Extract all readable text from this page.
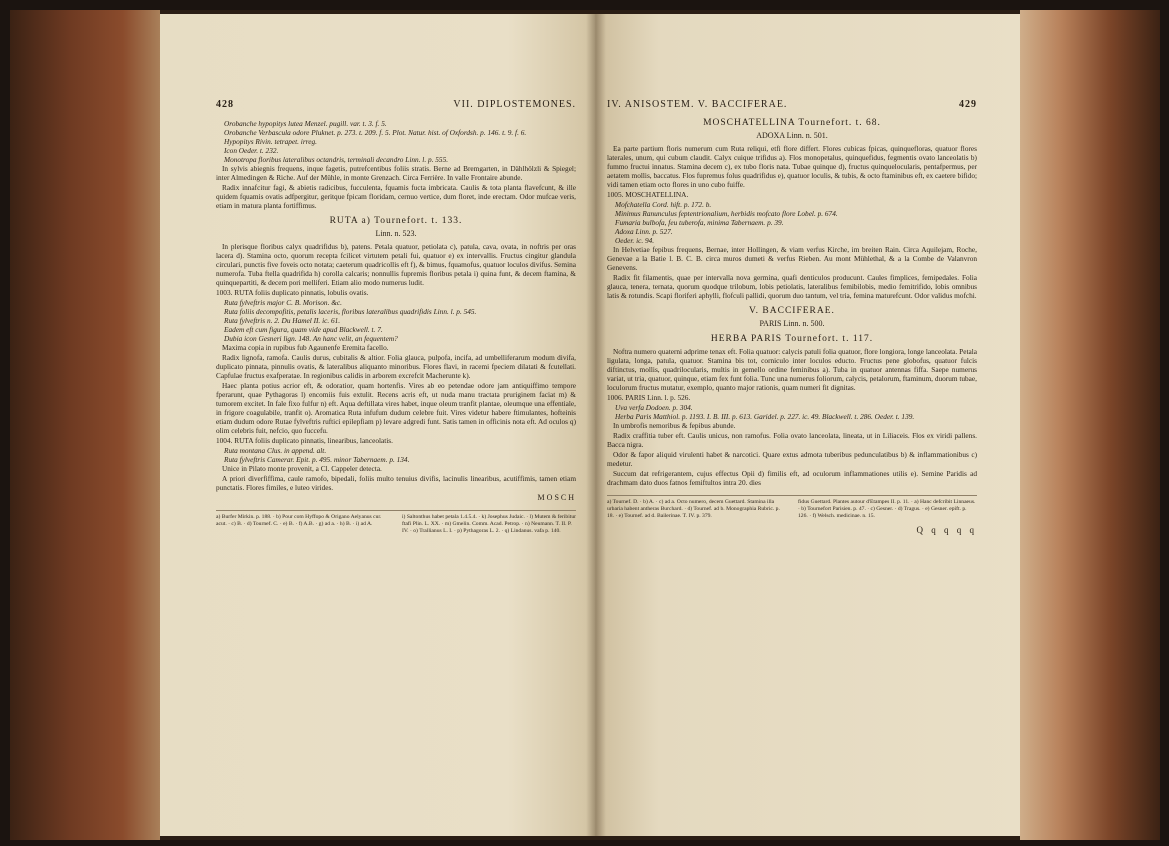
428	VII. DIPLOSTEMONES.
Orobanche hypopitys lutea Menzel. pugill. var. t. 3. f. 5.
Orobanche Verbascula odore Pluknet. p. 273. t. 209. f. 5. Plot. Natur. hist. of Oxfordsh. p. 146. t. 9. f. 6.
Hypopitys Rivin. tetrapet. irreg.
Icon Oeder. t. 232.
Monotropa floribus lateralibus octandris, terminali decandro Linn. l. p. 555.

In sylvis abiegnis frequens, inque fagetis, putrefcentibus foliis stratis. Berne ad Bremgarten, in Dählhölzli & Spiegel; inter Almedingen & Riche. Auf der Mühle, in monte Grenzach. Circa Ferrière. In valle Frontaire abunde.

Radix innafcitur fagi, & abietis radicibus, fucculenta, fquamis fucta imbricata. Caulis & tota planta flavefcunt, & ille quidem fquamis ovatis adfpergitur, geritque fpicam floridam, cernuo vertice, dum floret, inde erectam. Odor mufcae veris, etiam in matura planta fortiffimus.

RUTA a) Tournefort. t. 133.
Linn. n. 523.

In plerisque floribus calyx quadrifidus b), patens. Petala quatuor, petiolata c), patula, cava, ovata, in noftris per oras lacera d). Stamina octo, quorum recepta fcilicet virtutem petali fui, quatuor e) ex intervallis. Fructus cingitur glandula circulari, punctis five foveis octo notata; caeterum quadricollis eft f), & bimus, fquamofus, quatuor loculos divifus. Semina numerofa. Tuba ftella quadrifida h) corolla calcaris; nonnullis fupremis floribus petala i) quina funt, & decem ftamina, & quinquepartiti, & decem pori melliferi. Etiam alio modo numerus ludit.

1003. RUTA foliis duplicato pinnatis, lobulis ovatis.

Ruta fylveftris major C. B. Morison. &c.
Ruta foliis decompofitis, petalis laceris, floribus lateralibus quadrifidis Linn. l. p. 545.
Ruta fylveftris n. 2. Du Hamel II. ic. 61.
Eadem eft cum figura, quam vide apud Blackwell. t. 7.
Dubia icon Gesneri lign. 148. An hanc velit, an fequentem?

Maxima copia in rupibus fub Agaunenfe Eremita facello.

Radix lignofa, ramofa. Caulis durus, cubitalis & altior. Folia glauca, pulpofa, incifa, ad umbelliferarum modum divifa, duplicato pinnata, pinnulis ovatis, & lateralibus aliquanto minoribus. Flores flavi, in racemi fpeciem dilatati & fcutellati. Capfulae fructus exafperatae. In regionibus calidis in arborem excrefcit Macherunte k).

Haec planta potius acrior eft, & odoratior, quam hortenfis. Vires ab eo petendae odore jam antiquiffimo tempore fperarunt, quae Pythagoras l) encomiis fuis extulit. Recens acris eft, ut nuda manu tractata pruriginem faciat m) & tumorem excitet. In fale fixo fulfur n) eft. Aqua deftillata vires habet, inque oleum tranfit plantae, oleumque una effentiale, in frigore coagulabile, tranfit o). Aromatica Ruta infufum dudum celebre fuit. Vires videtur habere ftimulantes, hofteinis etiam dudum odore Rutae fylveftris ruftici epilepfiam p) levare adgredi funt. Satis tamen in officinis nota eft. Ad oculos q) olim celebris fuit, nefcio, quo fuccefu.

1004. RUTA foliis duplicato pinnatis, linearibus, lanceolatis.

Ruta montana Clus. in append. alt.
Ruta fylveftris Camerar. Epit. p. 495. minor Tabernaem. p. 134.

Unice in Pilato monte provenit, a Cl. Cappeler detecta.

A priori diverfiffima, caule ramofo, bipedali, foliis multo tenuius divifis, lacinulis linearibus, acutiffimis, tamen etiam punctatis. Flores fimiles, e luteo virides.

MOSCH
a) Burfer Mirkin. p. 188. · b) Pour com Hyffopo & Origano Aelyanus cur. acut. · c) B. · d) Tournef. C. · e) B. · f) A.B. · g) ad a. · h) B. · i) ad A.
i) Saltonthus habet petala 1.4.5.4. · k) Josephus Judaic. · l) Mutem & feribitur ftafi Plin. L. XX. · m) Gmelin. Comm. Acad. Petrop. · n) Neumann. T. II. P. IV. · o) Trallianus L. I. · p) Pythagoras L. 2. · q) Lindanus. vafa p. 140.
IV. ANISOSTEM. V. BACCIFERAE.	429
MOSCHATELLINA Tournefort. t. 68.
ADOXA Linn. n. 501.

Ea parte partium floris numerum cum Ruta reliqui, etfi flore differt. Flores cubicas fpicas, quinquefloras, quatuor flores laterales, unum, qui cubum claudit. Calyx cuique trifidus a). Flos monopetalus, quinquefidus, fegmentis ovato lanceolatis b) fummo fructui innatus. Stamina decem c), ex tubo floris nata. Tubae quinque d), fructus quinquelocularis, pentafpermus, per aetatem mollis, baccatus. Flos fupremus folus quadrifidus e), quatuor loculis, & tubis, & octo ftaminibus eft, ex caetere bifido; vidi tamen etiam octo flores in uno cubo fuiffe.

1005. MOSCHATELLINA.

Mofchatella Cord. hift. p. 172. b.
Minimus Ranunculus feptentrionalium, herbidis mofcato flore Lobel. p. 674.
Fumaria bulbofa, feu tuberofa, minima Tabernaem. p. 39.
Adoxa Linn. p. 527.
Oeder. ic. 94.

In Helvetiae fepibus frequens, Bernae, inter Hollingen, & viam verfus Kirche, im breiten Rain. Circa Aquilejam, Roche, Genevae a la Batie l. B. C. B. circa muros dumeti & verfus Rieben. Au mont Mühlethal, & a la Combe de Valanvron Genevens.

Radix fit filamentis, quae per intervalla nova germina, quafi denticulos producunt. Caules fimplices, femipedales. Folia glauca, tenera, ternata, quorum quodque trilobum, lobis petiolatis, lateralibus femibilobis, medio femitrifido, lobis omnibus latis & rotundis. Scapi floriferi aphylli, flofculi pallidi, quorum duo tantum, vel tria, femina maturefcunt. Odor validus mofchi.

V. BACCIFERAE.
PARIS Linn. n. 500.
HERBA PARIS Tournefort. t. 117.

Noftra numero quaterni adprime tenax eft. Folia quatuor: calycis patuli folia quatuor, flore longiora, longe lanceolata. Petala ligulata, longa, patula, quatuor. Stamina bis tot, corniculo inter loculos educto. Fructus pene globofus, quatuor fulcis diftinctus, mollis, quadrilocularis, multis in gemello ordine feminibus a). Tuba in quatuor antennas fiffa. Saepe numerus variat, ut tria, quatuor, quinque, etiam fex funt folia. Tunc una numerus foliorum, calycis, petalorum, ftaminum, duorum tubae, loculorum fructus mutatur, exemplo, quanto major rationis, quam numeri fit dignitas.

1006. PARIS Linn. l. p. 526.

Uva verfa Dodoen. p. 304.
Herba Paris Matthiol. p. 1193. I. B. III. p. 613. Garidel. p. 227. ic. 49. Blackwell. t. 286. Oeder. t. 139.

In umbrofis nemoribus & fepibus abunde.

Radix craffitia tuber eft. Caulis unicus, non ramofus. Folia ovato lanceolata, lineata, ut in Liliaceis. Flos ex viridi pallens. Bacca nigra.

Odor & fapor aliquid virulenti habet & narcotici. Quare extus admota tuberibus pedunculatibus b) & inflammationibus c) medetur.

Succum dat refrigerantem, cujus effectus Opii d) fimilis eft, ad oculorum inflammationes utilis e). Semine Paridis ad drachmam dato duos fatnos femiftultos intra 20. dies

a) Tournef. D. · b) A. · c) ad a. Octo numero, decem Guettard. Stamina illa urbaria habent antheras Burchard. · d) Tournef. ad b. Monographia Rubric. p. 18. · e) Tournef. ad d. Bailerinae. T. IV. p. 379.
fidus Guettard. Plantes autour d'Etampes II. p. 11. · a) Hanc defcribit Linnaeus. · b) Tournefort Parisien. p. 47. · c) Gesner. · d) Tragus. · e) Gesner. epift. p. 126. · f) Welsch. medicinae. n. 15.
Q q q q q
